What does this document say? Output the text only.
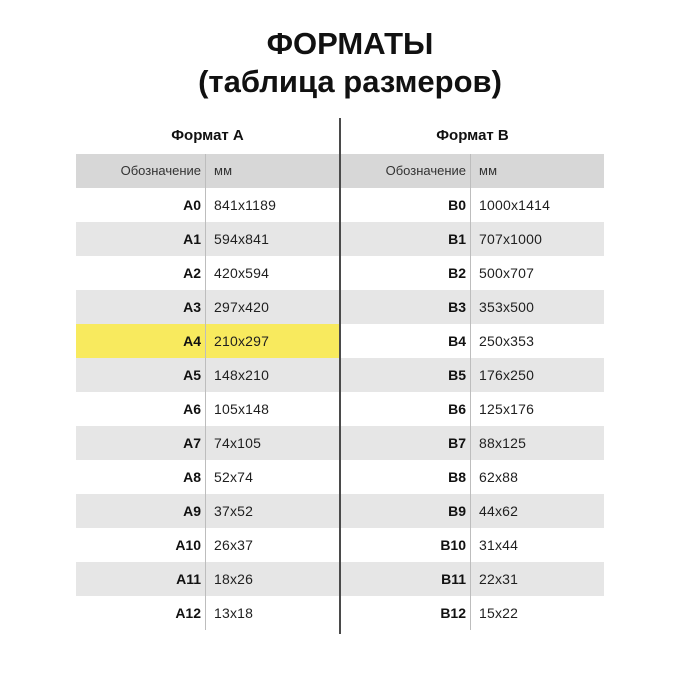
ФОРМАТЫ
(таблица размеров)
Формат А
Обозначение	мм
A0 841x1189
A1 594x841
A2 420x594
A3 297x420
A4 210x297
A5 148x210
A6 105x148
A7 74x105
A8 52x74
A9 37x52
A10 26x37
A11 18x26
A12 13x18
Формат В
Обозначение	мм
B0 1000x1414
B1 707x1000
B2 500x707
B3 353x500
B4 250x353
B5 176x250
B6 125x176
B7 88x125
B8 62x88
B9 44x62
B10 31x44
B11 22x31
B12 15x22
